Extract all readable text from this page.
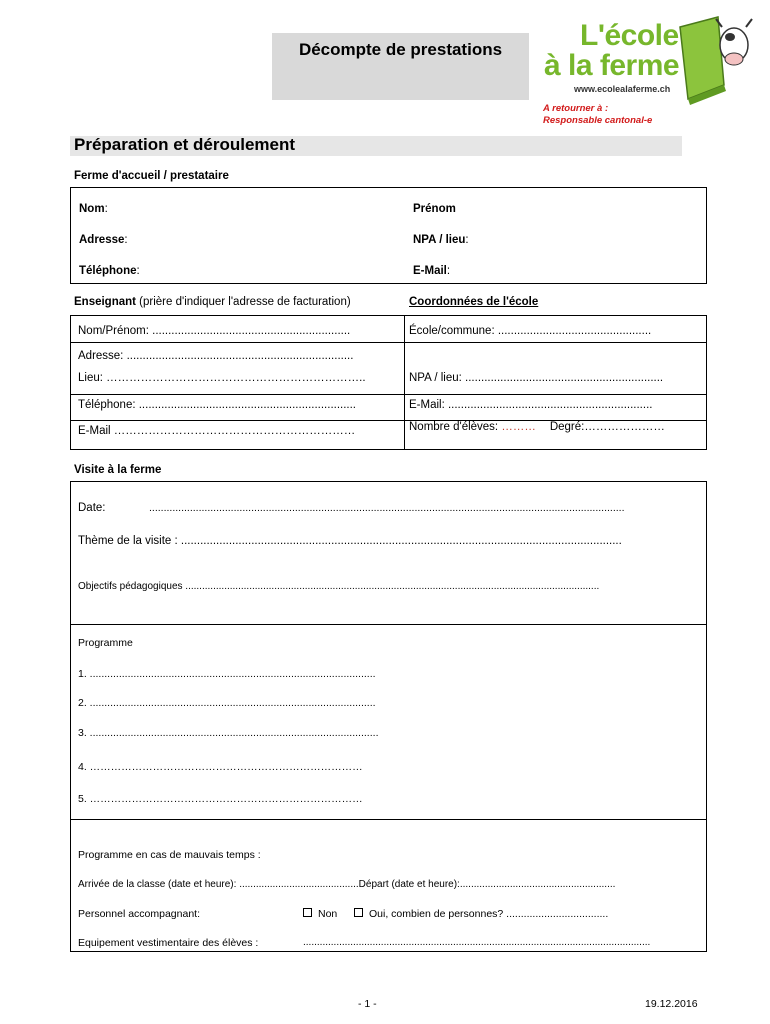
Décompte de prestations	L'école
à la ferme
www.ecolealaferme.ch
A retourner à :
Responsable cantonal-e
Préparation et déroulement
Ferme d'accueil / prestataire
Nom:	Prénom
Adresse:	NPA / lieu:
Téléphone:	E-Mail:
Enseignant (prière d'indiquer l'adresse de facturation)	Coordonnées de l'école
Nom/Prénom: ..............................................................	École/commune: ................................................
Adresse: .......................................................................
Lieu: …………………………………………………………..	NPA / lieu: ..............................................................
Téléphone: ....................................................................	E-Mail: ................................................................
E-Mail ………………………………………………………	Nombre d'élèves: ……… Degré:…………………
Visite à la ferme
Date:	...................................................................................................................................................................
Thème de la visite : ..........................................................................................................................................
Objectifs pédagogiques .....................................................................................................................................................
Programme
1. ..................................................................................................
2. ..................................................................................................
3. ...................................................................................................
4. ……………………………………………………………………
5. ……………………………………………………………………
Programme en cas de mauvais temps :
Arrivée de la classe (date et heure): ...........................................Départ (date et heure):........................................................
Personnel accompagnant:	Non	Oui, combien de personnes? ...................................
Equipement vestimentaire des élèves :	.............................................................................................................................
- 1 -	19.12.2016
